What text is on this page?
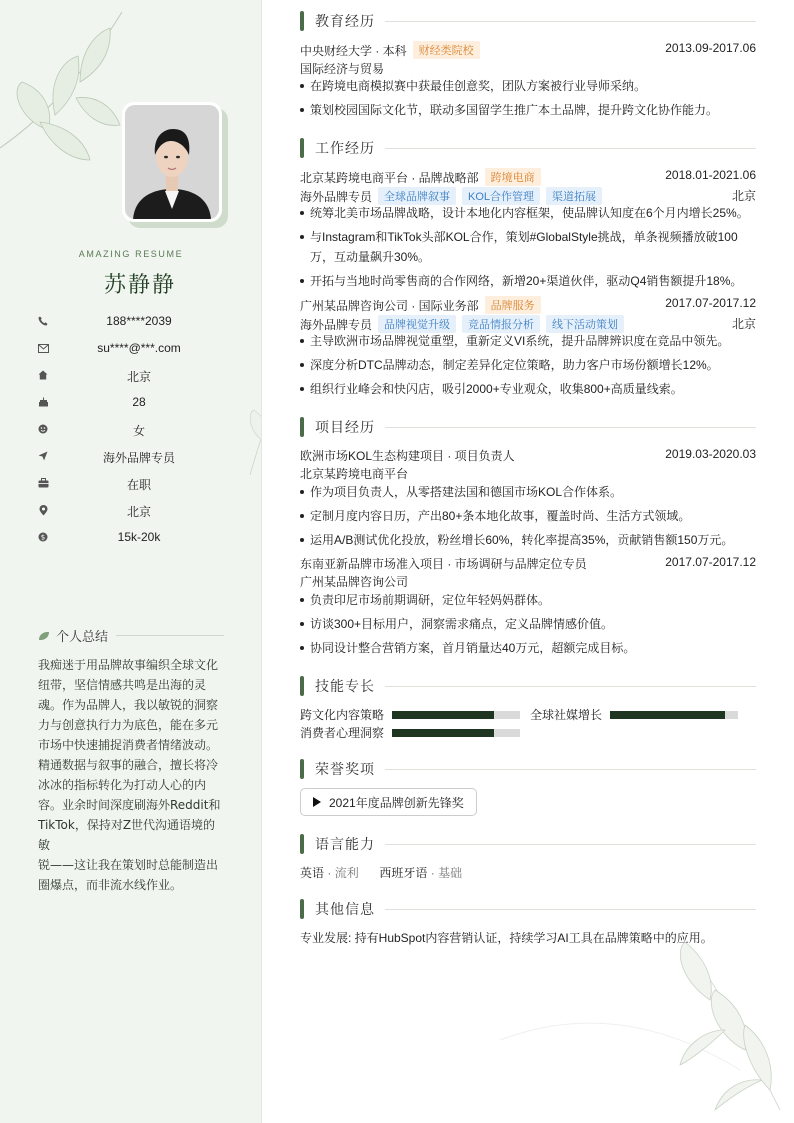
AMAZING RESUME
苏静静
188****2039
su****@***.com
北京
28
女
海外品牌专员
在职
北京
$	15k-20k
个人总结
我痴迷于用品牌故事编织全球文化
纽带，坚信情感共鸣是出海的灵
魂。作为品牌人，我以敏锐的洞察
力与创意执行力为底色，能在多元
市场中快速捕捉消费者情绪波动。
精通数据与叙事的融合，擅长将冷
冰冰的指标转化为打动人心的内
容。业余时间深度刷海外Reddit和
TikTok，保持对Z世代沟通语境的敏
锐——这让我在策划时总能制造出
圈爆点，而非流水线作业。
教育经历
中央财经大学 · 本科	财经类院校	2013.09-2017.06
国际经济与贸易
在跨境电商模拟赛中获最佳创意奖，团队方案被行业导师采纳。
策划校园国际文化节，联动多国留学生推广本土品牌，提升跨文化协作能力。
工作经历
北京某跨境电商平台 · 品牌战略部	跨境电商	2018.01-2021.06
海外品牌专员	全球品牌叙事	KOL合作管理	渠道拓展	北京
统筹北美市场品牌战略，设计本地化内容框架，使品牌认知度在6个月内增长25%。
与Instagram和TikTok头部KOL合作，策划#GlobalStyle挑战，单条视频播放破100
万，互动量飙升30%。
开拓与当地时尚零售商的合作网络，新增20+渠道伙伴，驱动Q4销售额提升18%。
广州某品牌咨询公司 · 国际业务部	品牌服务	2017.07-2017.12
海外品牌专员	品牌视觉升级	竞品情报分析	线下活动策划	北京
主导欧洲市场品牌视觉重塑，重新定义VI系统，提升品牌辨识度在竞品中领先。
深度分析DTC品牌动态，制定差异化定位策略，助力客户市场份额增长12%。
组织行业峰会和快闪店，吸引2000+专业观众，收集800+高质量线索。
项目经历
欧洲市场KOL生态构建项目 · 项目负责人	2019.03-2020.03
北京某跨境电商平台
作为项目负责人，从零搭建法国和德国市场KOL合作体系。
定制月度内容日历，产出80+条本地化故事，覆盖时尚、生活方式领域。
运用A/B测试优化投放，粉丝增长60%，转化率提高35%，贡献销售额150万元。
东南亚新品牌市场准入项目 · 市场调研与品牌定位专员	2017.07-2017.12
广州某品牌咨询公司
负责印尼市场前期调研，定位年轻妈妈群体。
访谈300+目标用户，洞察需求痛点，定义品牌情感价值。
协同设计整合营销方案，首月销量达40万元，超额完成目标。
技能专长
跨文化内容策略	全球社媒增长
消费者心理洞察
荣誉奖项
2021年度品牌创新先锋奖
语言能力
英语 · 流利 西班牙语 · 基础
其他信息
专业发展: 持有HubSpot内容营销认证，持续学习AI工具在品牌策略中的应用。
